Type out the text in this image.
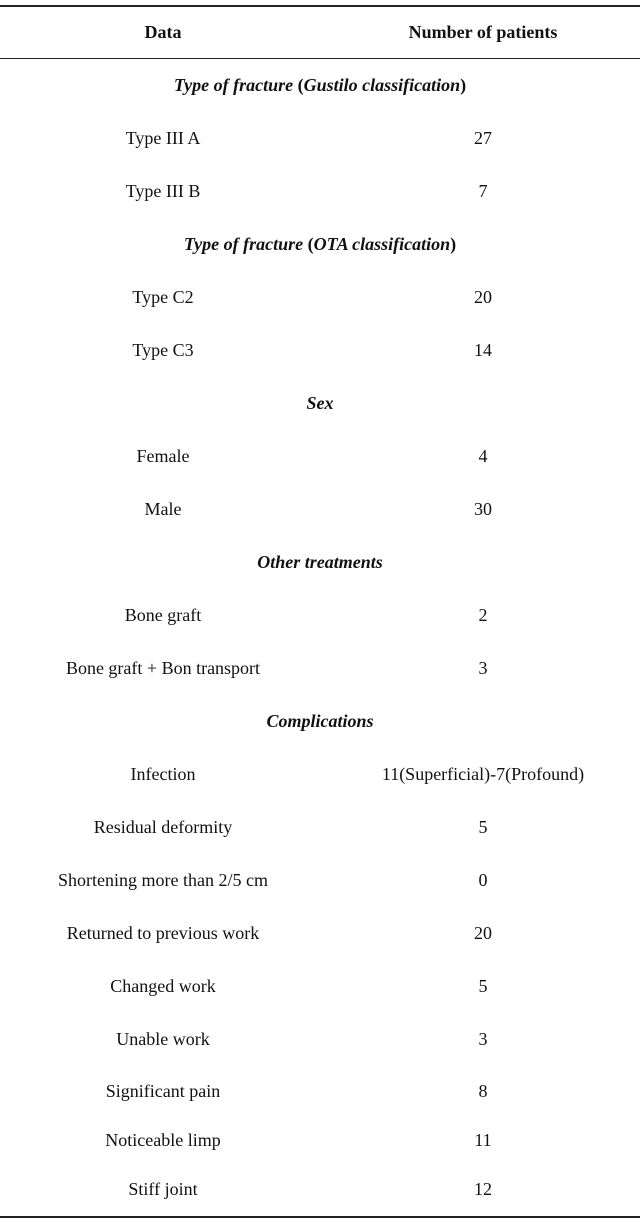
Data	Number of patients
Type of fracture (Gustilo classification)
Type III A	27
Type III B	7
Type of fracture (OTA classification)
Type C2	20
Type C3	14
Sex
Female	4
Male	30
Other treatments
Bone graft	2
Bone graft + Bon transport	3
Complications
Infection	11(Superficial)-7(Profound)
Residual deformity	5
Shortening more than 2/5 cm	0
Returned to previous work	20
Changed work	5
Unable work	3
Significant pain	8
Noticeable limp	11
Stiff joint	12
